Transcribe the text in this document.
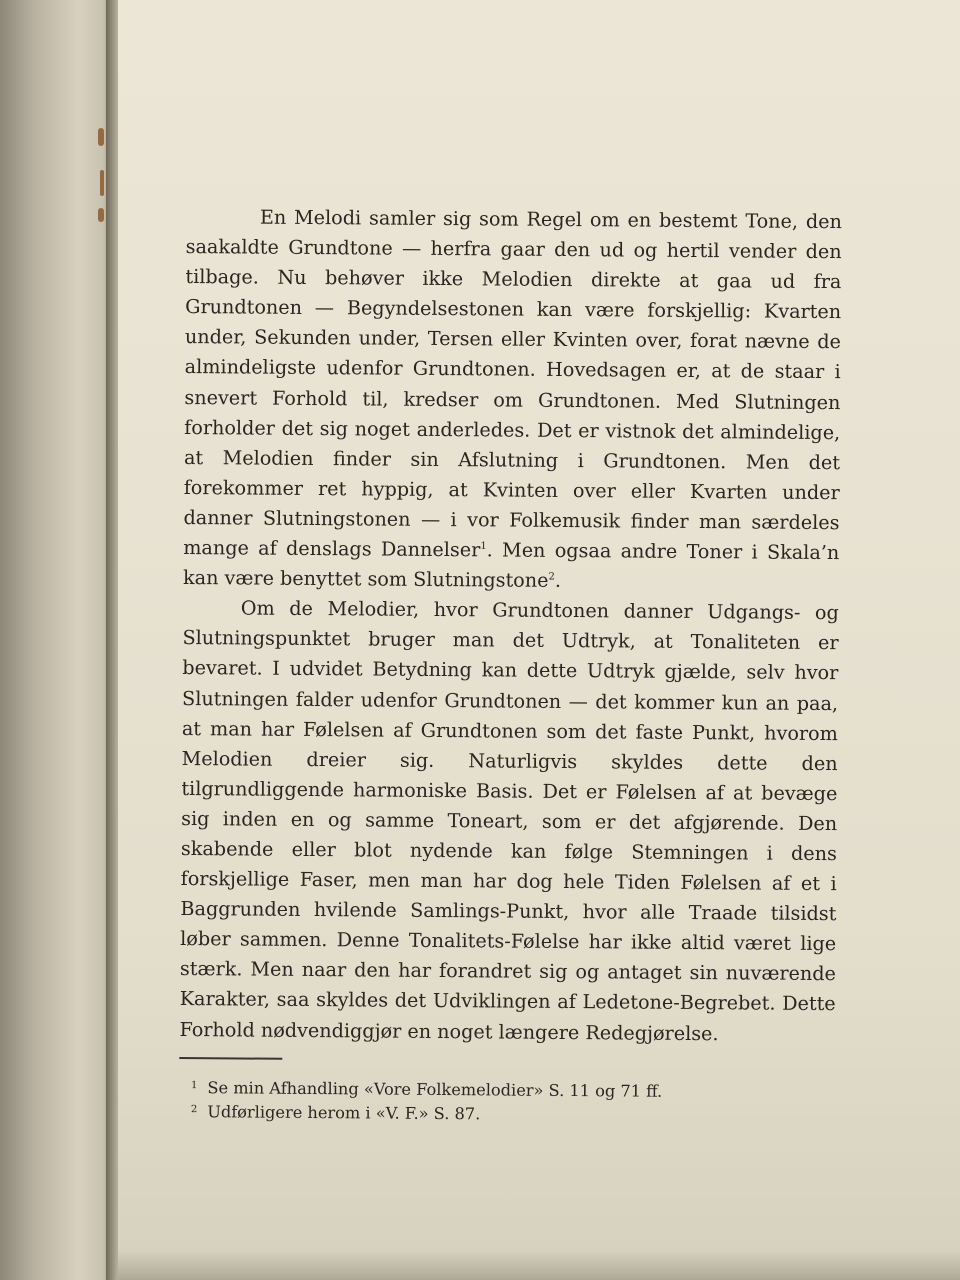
En Melodi samler sig som Regel om en bestemt Tone, den saakaldte Grundtone — herfra gaar den ud og hertil vender den tilbage. Nu behøver ikke Melodien direkte at gaa ud fra Grundtonen — Begyndelsestonen kan være forskjellig: Kvarten under, Sekunden under, Tersen eller Kvinten over, forat nævne de almindeligste udenfor Grundtonen. Hovedsagen er, at de staar i snevert Forhold til, kredser om Grundtonen. Med Slutningen forholder det sig noget anderledes. Det er vistnok det almindelige, at Melodien finder sin Afslutning i Grundtonen. Men det forekommer ret hyppig, at Kvinten over eller Kvarten under danner Slutningstonen — i vor Folkemusik finder man særdeles mange af denslags Dannelser$^1$. Men ogsaa andre Toner i Skala’n kan være benyttet som Slutningstone$^2$.

Om de Melodier, hvor Grundtonen danner Udgangs- og Slutningspunktet bruger man det Udtryk, at Tonaliteten er bevaret. I udvidet Betydning kan dette Udtryk gjælde, selv hvor Slutningen falder udenfor Grundtonen — det kommer kun an paa, at man har Følelsen af Grundtonen som det faste Punkt, hvorom Melodien dreier sig. Naturligvis skyldes dette den tilgrundliggende harmoniske Basis. Det er Følelsen af at bevæge sig inden en og samme Toneart, som er det afgjørende. Den skabende eller blot nydende kan følge Stemningen i dens forskjellige Faser, men man har dog hele Tiden Følelsen af et i Baggrunden hvilende Samlings-Punkt, hvor alle Traade tilsidst løber sammen. Denne Tonalitets-Følelse har ikke altid været lige stærk. Men naar den har forandret sig og antaget sin nuværende Karakter, saa skyldes det Udviklingen af Ledetone-Begrebet. Dette Forhold nødvendiggjør en noget længere Redegjørelse.

$^1$ Se min Afhandling «Vore Folkemelodier» S. 11 og 71 ff.

$^2$ Udførligere herom i «V. F.» S. 87.
